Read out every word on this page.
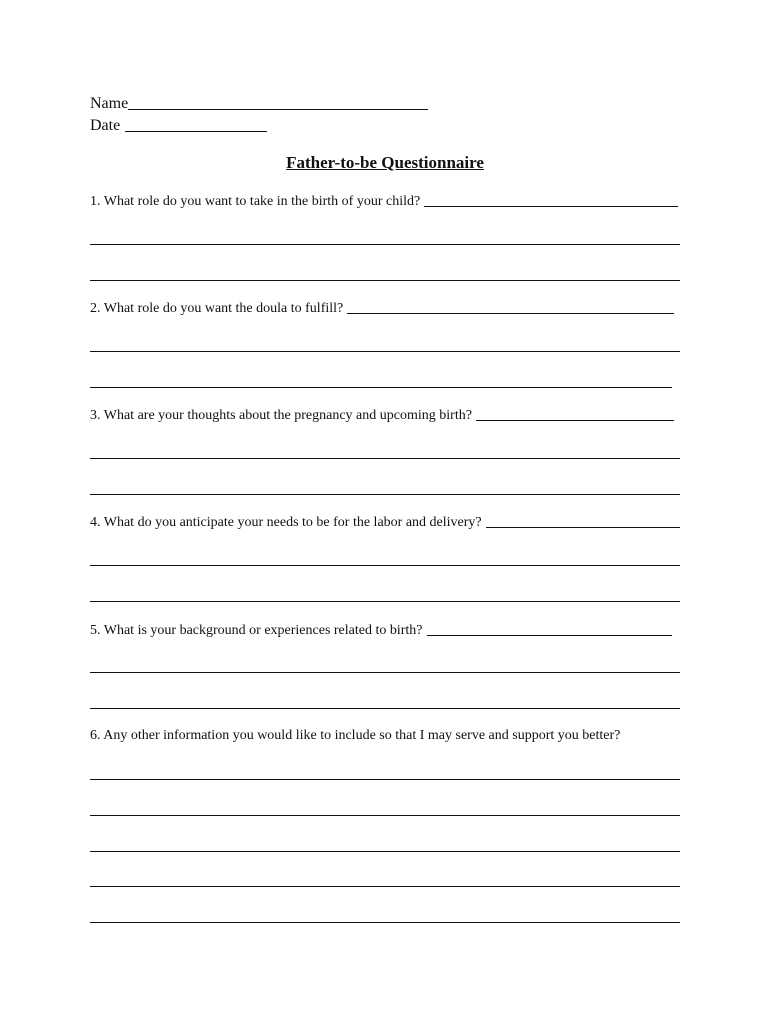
Name
Date
Father-to-be Questionnaire
1. What role do you want to take in the birth of your child?
2. What role do you want the doula to fulfill?
3. What are your thoughts about the pregnancy and upcoming birth?
4. What do you anticipate your needs to be for the labor and delivery?
5. What is your background or experiences related to birth?
6. Any other information you would like to include so that I may serve and support you better?
